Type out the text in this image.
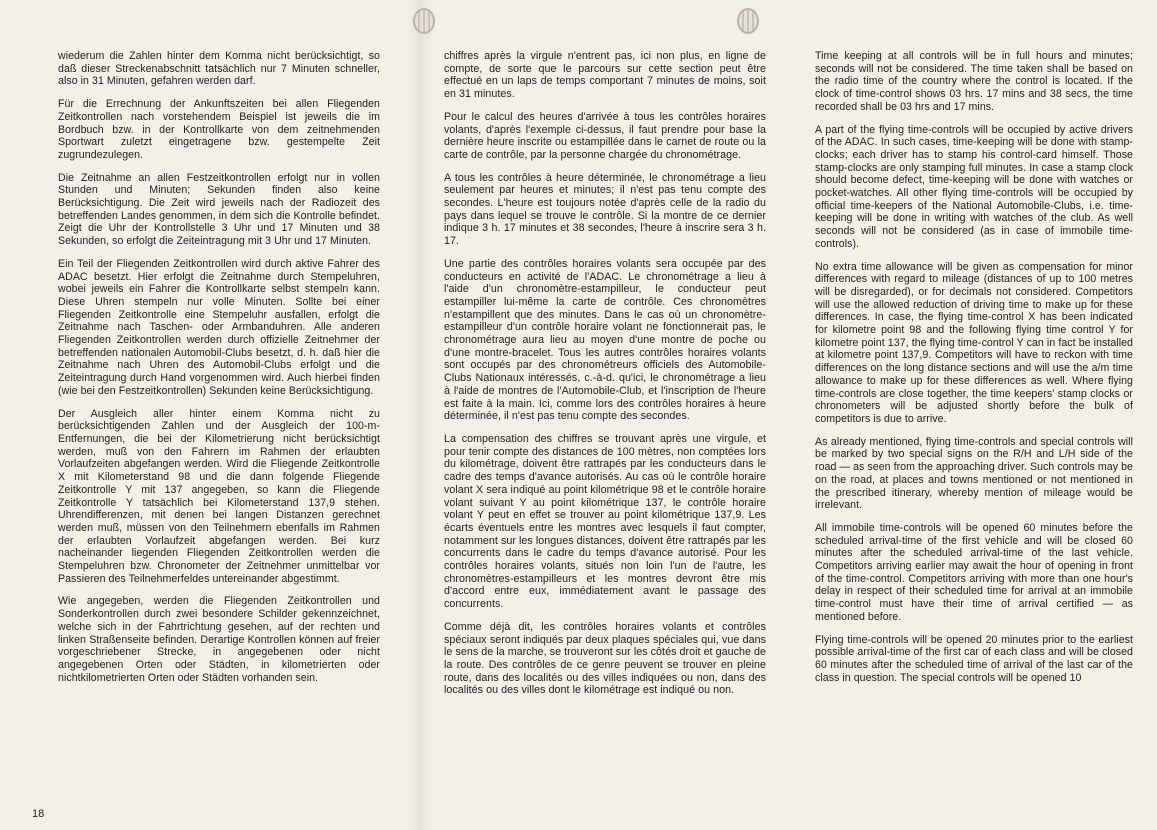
wiederum die Zahlen hinter dem Komma nicht berücksichtigt, so daß dieser Streckenabschnitt tatsächlich nur 7 Minuten schneller, also in 31 Minuten, gefahren werden darf.

Für die Errechnung der Ankunftszeiten bei allen Fliegenden Zeitkontrollen nach vorstehendem Beispiel ist jeweils die im Bordbuch bzw. in der Kontrollkarte von dem zeitnehmenden Sportwart zuletzt eingetragene bzw. gestempelte Zeit zugrundezulegen.

Die Zeitnahme an allen Festzeitkontrollen erfolgt nur in vollen Stunden und Minuten; Sekunden finden also keine Berücksichtigung. Die Zeit wird jeweils nach der Radiozeit des betreffenden Landes genommen, in dem sich die Kontrolle befindet. Zeigt die Uhr der Kontrollstelle 3 Uhr und 17 Minuten und 38 Sekunden, so erfolgt die Zeiteintragung mit 3 Uhr und 17 Minuten.

Ein Teil der Fliegenden Zeitkontrollen wird durch aktive Fahrer des ADAC besetzt. Hier erfolgt die Zeitnahme durch Stempeluhren, wobei jeweils ein Fahrer die Kontrollkarte selbst stempeln kann. Diese Uhren stempeln nur volle Minuten. Sollte bei einer Fliegenden Zeitkontrolle eine Stempeluhr ausfallen, erfolgt die Zeitnahme nach Taschen- oder Armbanduhren. Alle anderen Fliegenden Zeitkontrollen werden durch offizielle Zeitnehmer der betreffenden nationalen Automobil-Clubs besetzt, d. h. daß hier die Zeitnahme nach Uhren des Automobil-Clubs erfolgt und die Zeiteintragung durch Hand vorgenommen wird. Auch hierbei finden (wie bei den Festzeitkontrollen) Sekunden keine Berücksichtigung.

Der Ausgleich aller hinter einem Komma nicht zu berücksichtigenden Zahlen und der Ausgleich der 100-m-Entfernungen, die bei der Kilometrierung nicht berücksichtigt werden, muß von den Fahrern im Rahmen der erlaubten Vorlaufzeiten abgefangen werden. Wird die Fliegende Zeitkontrolle X mit Kilometerstand 98 und die dann folgende Fliegende Zeitkontrolle Y mit 137 angegeben, so kann die Fliegende Zeitkontrolle Y tatsächlich bei Kilometerstand 137,9 stehen. Uhrendifferenzen, mit denen bei langen Distanzen gerechnet werden muß, müssen von den Teilnehmern ebenfalls im Rahmen der erlaubten Vorlaufzeit abgefangen werden. Bei kurz nacheinander liegenden Fliegenden Zeitkontrollen werden die Stempeluhren bzw. Chronometer der Zeitnehmer unmittelbar vor Passieren des Teilnehmerfeldes untereinander abgestimmt.

Wie angegeben, werden die Fliegenden Zeitkontrollen und Sonderkontrollen durch zwei besondere Schilder gekennzeichnet, welche sich in der Fahrtrichtung gesehen, auf der rechten und linken Straßenseite befinden. Derartige Kontrollen können auf freier vorgeschriebener Strecke, in angegebenen oder nicht angegebenen Orten oder Städten, in kilometrierten oder nichtkilometrierten Orten oder Städten vorhanden sein.

chiffres après la virgule n'entrent pas, ici non plus, en ligne de compte, de sorte que le parcours sur cette section peut être effectué en un laps de temps comportant 7 minutes de moins, soit en 31 minutes.

Pour le calcul des heures d'arrivée à tous les contrôles horaires volants, d'après l'exemple ci-dessus, il faut prendre pour base la dernière heure inscrite ou estampillée dans le carnet de route ou la carte de contrôle, par la personne chargée du chronométrage.

A tous les contrôles à heure déterminée, le chronométrage a lieu seulement par heures et minutes; il n'est pas tenu compte des secondes. L'heure est toujours notée d'après celle de la radio du pays dans lequel se trouve le contrôle. Si la montre de ce dernier indique 3 h. 17 minutes et 38 secondes, l'heure à inscrire sera 3 h. 17.

Une partie des contrôles horaires volants sera occupée par des conducteurs en activité de l'ADAC. Le chronométrage a lieu à l'aide d'un chronomètre-estampilleur, le conducteur peut estampiller lui-même la carte de contrôle. Ces chronomètres n'estampillent que des minutes. Dans le cas où un chronomètre-estampilleur d'un contrôle horaire volant ne fonctionnerait pas, le chronométrage aura lieu au moyen d'une montre de poche ou d'une montre-bracelet. Tous les autres contrôles horaires volants sont occupés par des chronométreurs officiels des Automobile-Clubs Nationaux intéressés, c.-à-d. qu'ici, le chronométrage a lieu à l'aide de montres de l'Automobile-Club, et l'inscription de l'heure est faite à la main. Ici, comme lors des contrôles horaires à heure déterminée, il n'est pas tenu compte des secondes.

La compensation des chiffres se trouvant après une virgule, et pour tenir compte des distances de 100 mètres, non comptées lors du kilométrage, doivent être rattrapés par les conducteurs dans le cadre des temps d'avance autorisés. Au cas où le contrôle horaire volant X sera indiqué au point kilométrique 98 et le contrôle horaire volant suivant Y au point kilométrique 137, le contrôle horaire volant Y peut en effet se trouver au point kilométrique 137,9. Les écarts éventuels entre les montres avec lesquels il faut compter, notamment sur les longues distances, doivent être rattrapés par les concurrents dans le cadre du temps d'avance autorisé. Pour les contrôles horaires volants, situés non loin l'un de l'autre, les chronomètres-estampilleurs et les montres devront être mis d'accord entre eux, immédiatement avant le passage des concurrents.

Comme déjà dit, les contrôles horaires volants et contrôles spéciaux seront indiqués par deux plaques spéciales qui, vue dans le sens de la marche, se trouveront sur les côtés droit et gauche de la route. Des contrôles de ce genre peuvent se trouver en pleine route, dans des localités ou des villes indiquées ou non, dans des localités ou des villes dont le kilométrage est indiqué ou non.

Time keeping at all controls will be in full hours and minutes; seconds will not be considered. The time taken shall be based on the radio time of the country where the control is located. If the clock of time-control shows 03 hrs. 17 mins and 38 secs, the time recorded shall be 03 hrs and 17 mins.

A part of the flying time-controls will be occupied by active drivers of the ADAC. In such cases, time-keeping will be done with stamp-clocks; each driver has to stamp his control-card himself. Those stamp-clocks are only stamping full minutes. In case a stamp clock should become defect, time-keeping will be done with watches or pocket-watches. All other flying time-controls will be occupied by official time-keepers of the National Automobile-Clubs, i.e. time-keeping will be done in writing with watches of the club. As well seconds will not be considered (as in case of immobile time-controls).

No extra time allowance will be given as compensation for minor differences with regard to mileage (distances of up to 100 metres will be disregarded), or for decimals not considered. Competitors will use the allowed reduction of driving time to make up for these differences. In case, the flying time-control X has been indicated for kilometre point 98 and the following flying time control Y for kilometre point 137, the flying time-control Y can in fact be installed at kilometre point 137,9. Competitors will have to reckon with time differences on the long distance sections and will use the a/m time allowance to make up for these differences as well. Where flying time-controls are close together, the time keepers' stamp clocks or chronometers will be adjusted shortly before the bulk of competitors is due to arrive.

As already mentioned, flying time-controls and special controls will be marked by two special signs on the R/H and L/H side of the road — as seen from the approaching driver. Such controls may be on the road, at places and towns mentioned or not mentioned in the prescribed itinerary, whereby mention of mileage would be irrelevant.

All immobile time-controls will be opened 60 minutes before the scheduled arrival-time of the first vehicle and will be closed 60 minutes after the scheduled arrival-time of the last vehicle. Competitors arriving earlier may await the hour of opening in front of the time-control. Competitors arriving with more than one hour's delay in respect of their scheduled time for arrival at an immobile time-control must have their time of arrival certified — as mentioned before.

Flying time-controls will be opened 20 minutes prior to the earliest possible arrival-time of the first car of each class and will be closed 60 minutes after the scheduled time of arrival of the last car of the class in question. The special controls will be opened 10

18
